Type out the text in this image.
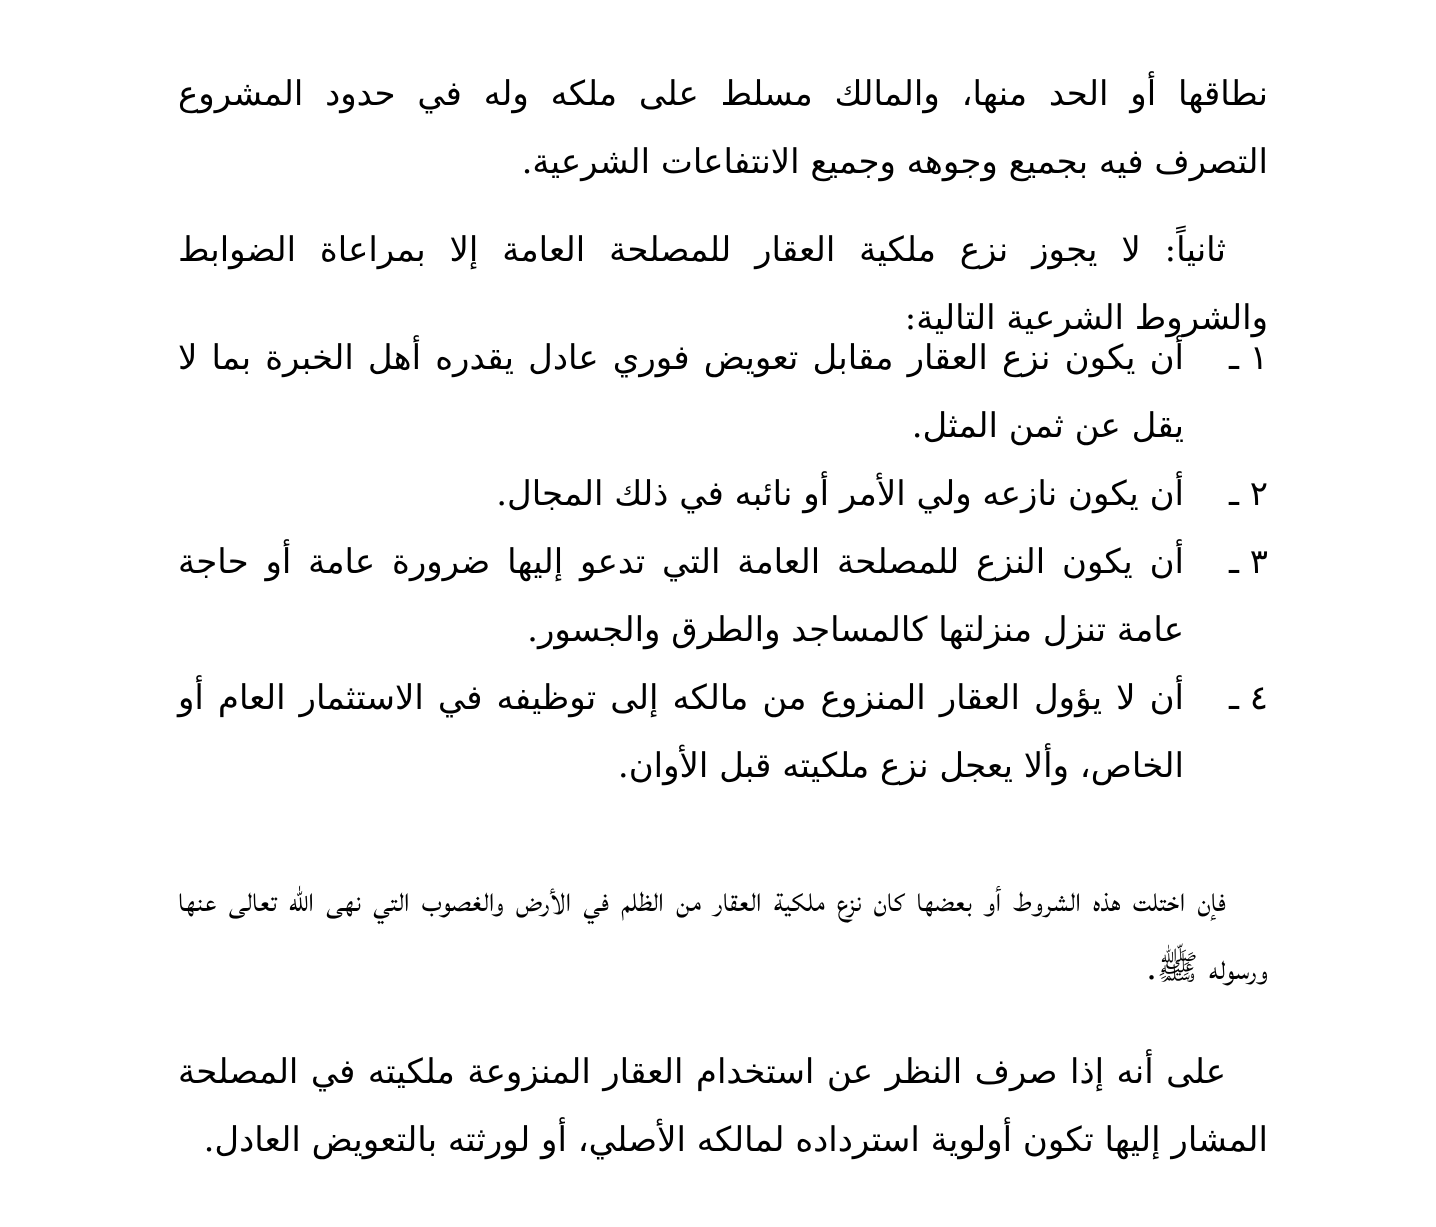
نطاقها أو الحد منها، والمالك مسلط على ملكه وله في حدود المشروع التصرف فيه بجميع وجوهه وجميع الانتفاعات الشرعية.

ثانياً: لا يجوز نزع ملكية العقار للمصلحة العامة إلا بمراعاة الضوابط والشروط الشرعية التالية:

١ ـ
أن يكون نزع العقار مقابل تعويض فوري عادل يقدره أهل الخبرة بما لا يقل عن ثمن المثل.
٢ ـ
أن يكون نازعه ولي الأمر أو نائبه في ذلك المجال.
٣ ـ
أن يكون النزع للمصلحة العامة التي تدعو إليها ضرورة عامة أو حاجة عامة تنزل منزلتها كالمساجد والطرق والجسور.
٤ ـ
أن لا يؤول العقار المنزوع من مالكه إلى توظيفه في الاستثمار العام أو الخاص، وألا يعجل نزع ملكيته قبل الأوان.

فإن اختلت هذه الشروط أو بعضها كان نزع ملكية العقار من الظلم في الأرض والغصوب التي نهى الله تعالى عنها ورسوله ﷺ.

على أنه إذا صرف النظر عن استخدام العقار المنزوعة ملكيته في المصلحة المشار إليها تكون أولوية استرداده لمالكه الأصلي، أو لورثته بالتعويض العادل.
